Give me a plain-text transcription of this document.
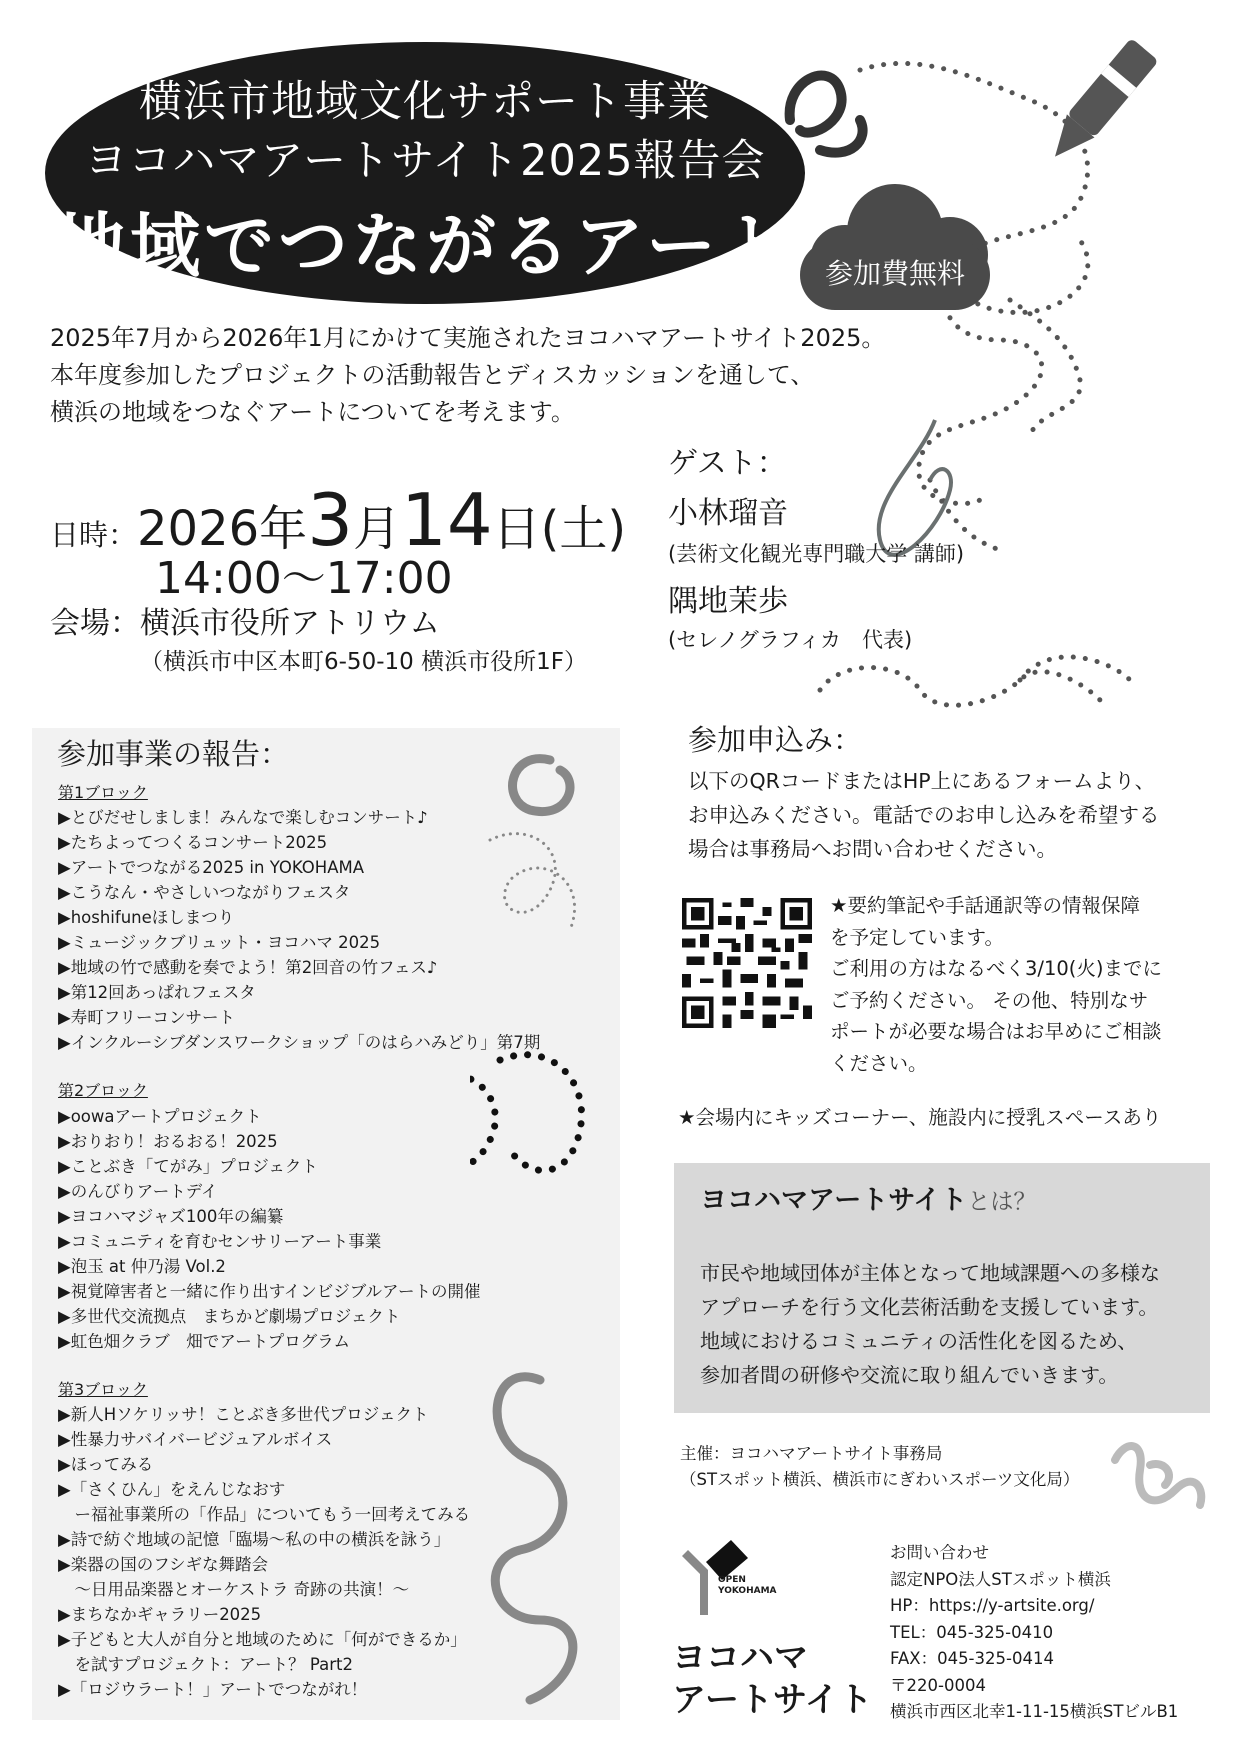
横浜市地域文化サポート事業
ヨコハマアートサイト2025報告会
地域でつながるアート	参加費無料
2025年7月から2026年1月にかけて実施されたヨコハマアートサイト2025。
本年度参加したプロジェクトの活動報告とディスカッションを通して、
横浜の地域をつなぐアートについてを考えます。
日時：2026年3月14日(土)
14:00〜17:00
会場：横浜市役所アトリウム
（横浜市中区本町6-50-10 横浜市役所1F）
ゲスト：
小林瑠音
(芸術文化観光専門職大学 講師)
隅地茉歩
(セレノグラフィカ　代表)
参加事業の報告：
第1ブロック
▶とびだせしましま！みんなで楽しむコンサート♪
▶たちよってつくるコンサート2025
▶アートでつながる2025 in YOKOHAMA
▶こうなん・やさしいつながりフェスタ
▶hoshifuneほしまつり
▶ミュージックブリュット・ヨコハマ 2025
▶地域の竹で感動を奏でよう！第2回音の竹フェス♪
▶第12回あっぱれフェスタ
▶寿町フリーコンサート
▶インクルーシブダンスワークショップ「のはらハみどり」第7期
第2ブロック
▶oowaアートプロジェクト
▶おりおり！おるおる！2025
▶ことぶき「てがみ」プロジェクト
▶のんびりアートデイ
▶ヨコハマジャズ100年の編纂
▶コミュニティを育むセンサリーアート事業
▶泡玉 at 仲乃湯 Vol.2
▶視覚障害者と一緒に作り出すインビジブルアートの開催
▶多世代交流拠点　まちかど劇場プロジェクト
▶虹色畑クラブ　畑でアートプログラム
第3ブロック
▶新人Hソケリッサ！ことぶき多世代プロジェクト
▶性暴力サバイバービジュアルボイス
▶ほってみる
▶「さくひん」をえんじなおす
　ー福祉事業所の「作品」についてもう一回考えてみる
▶詩で紡ぐ地域の記憶「臨場〜私の中の横浜を詠う」
▶楽器の国のフシギな舞踏会
　〜日用品楽器とオーケストラ 奇跡の共演！〜
▶まちなかギャラリー2025
▶子どもと大人が自分と地域のために「何ができるか」
　を試すプロジェクト：アート？ Part2
▶「ロジウラート！」アートでつながれ！
参加申込み：
以下のQRコードまたはHP上にあるフォームより、
お申込みください。電話でのお申し込みを希望する
場合は事務局へお問い合わせください。
★要約筆記や手話通訳等の情報保障
を予定しています。
ご利用の方はなるべく3/10(火)までに
ご予約ください。 その他、特別なサ
ポートが必要な場合はお早めにご相談
ください。
★会場内にキッズコーナー、施設内に授乳スペースあり
ヨコハマアートサイトとは？
市民や地域団体が主体となって地域課題への多様な
アプローチを行う文化芸術活動を支援しています。
地域におけるコミュニティの活性化を図るため、
参加者間の研修や交流に取り組んでいきます。
主催：ヨコハマアートサイト事務局
（STスポット横浜、横浜市にぎわいスポーツ文化局）
OPEN
YOKOHAMA
ヨコハマ
アートサイト
お問い合わせ
認定NPO法人STスポット横浜
HP：https://y-artsite.org/
TEL：045-325-0410
FAX：045-325-0414
〒220-0004
横浜市西区北幸1-11-15横浜STビルB1
